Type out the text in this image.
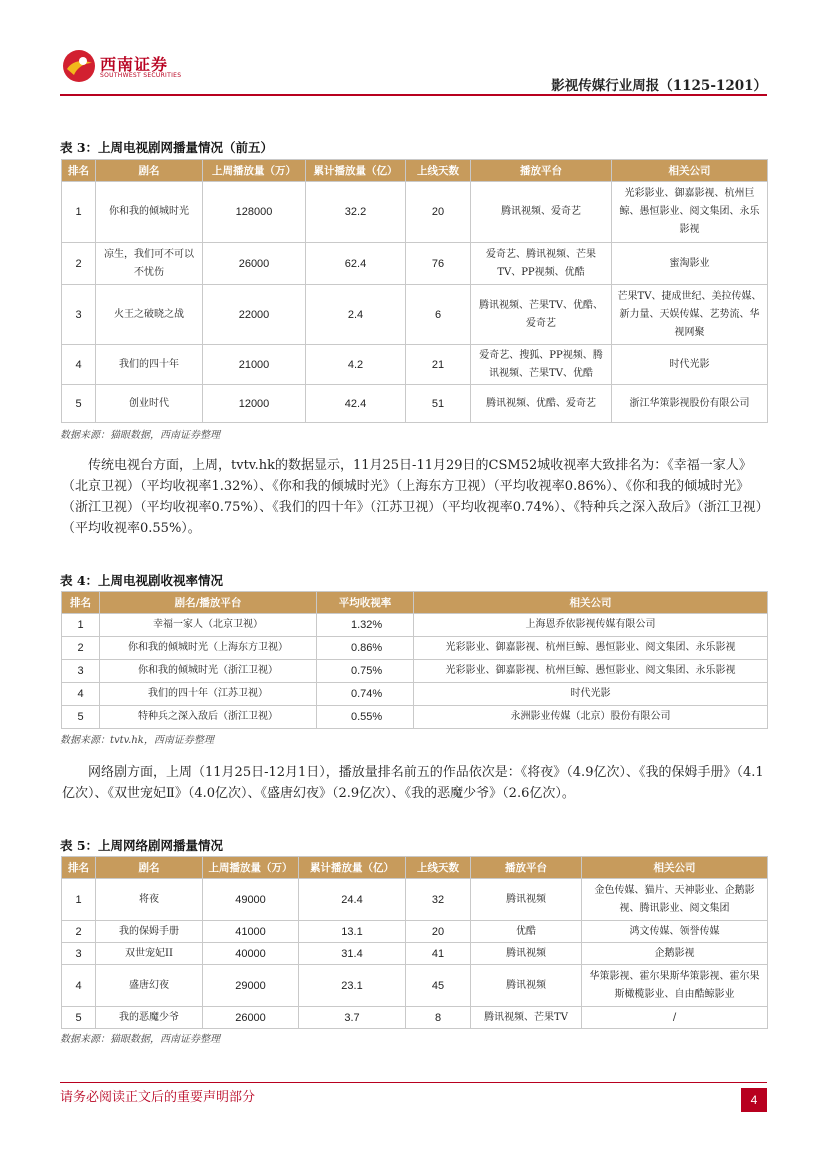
西南证券
SOUTHWEST SECURITIES
影视传媒行业周报（1125-1201）
表 3：上周电视剧网播量情况（前五）
排名	剧名	上周播放量（万）	累计播放量（亿）	上线天数	播放平台	相关公司
1	你和我的倾城时光	128000	32.2	20	腾讯视频、爱奇艺	光彩影业、御嘉影视、杭州巨鲸、愚恒影业、阅文集团、永乐影视
2	凉生，我们可不可以不忧伤	26000	62.4	76	爱奇艺、腾讯视频、芒果TV、PP视频、优酷	蜜淘影业
3	火王之破晓之战	22000	2.4	6	腾讯视频、芒果TV、优酷、爱奇艺	芒果TV、捷成世纪、美拉传媒、新力量、天娱传媒、艺势流、华视网聚
4	我们的四十年	21000	4.2	21	爱奇艺、搜狐、PP视频、腾讯视频、芒果TV、优酷	时代光影
5	创业时代	12000	42.4	51	腾讯视频、优酷、爱奇艺	浙江华策影视股份有限公司
数据来源：猫眼数据，西南证券整理

传统电视台方面，上周，tvtv.hk的数据显示，11月25日-11月29日的CSM52城收视率大致排名为：《幸福一家人》（北京卫视）（平均收视率1.32%）、《你和我的倾城时光》（上海东方卫视）（平均收视率0.86%）、《你和我的倾城时光》（浙江卫视）（平均收视率0.75%）、《我们的四十年》（江苏卫视）（平均收视率0.74%）、《特种兵之深入敌后》（浙江卫视）（平均收视率0.55%）。

表 4：上周电视剧收视率情况
排名	剧名/播放平台	平均收视率	相关公司
1	幸福一家人（北京卫视）	1.32%	上海恩乔依影视传媒有限公司
2	你和我的倾城时光（上海东方卫视）	0.86%	光彩影业、御嘉影视、杭州巨鲸、愚恒影业、阅文集团、永乐影视
3	你和我的倾城时光（浙江卫视）	0.75%	光彩影业、御嘉影视、杭州巨鲸、愚恒影业、阅文集团、永乐影视
4	我们的四十年（江苏卫视）	0.74%	时代光影
5	特种兵之深入敌后（浙江卫视）	0.55%	永洲影业传媒（北京）股份有限公司
数据来源：tvtv.hk，西南证券整理

网络剧方面，上周（11月25日-12月1日），播放量排名前五的作品依次是：《将夜》（4.9亿次）、《我的保姆手册》（4.1亿次）、《双世宠妃Ⅱ》（4.0亿次）、《盛唐幻夜》（2.9亿次）、《我的恶魔少爷》（2.6亿次）。

表 5：上周网络剧网播量情况
排名	剧名	上周播放量（万）	累计播放量（亿）	上线天数	播放平台	相关公司
1	将夜	49000	24.4	32	腾讯视频	金色传媒、猫片、天神影业、企鹅影视、腾讯影业、阅文集团
2	我的保姆手册	41000	13.1	20	优酷	鸿文传媒、领誉传媒
3	双世宠妃II	40000	31.4	41	腾讯视频	企鹅影视
4	盛唐幻夜	29000	23.1	45	腾讯视频	华策影视、霍尔果斯华策影视、霍尔果斯橄榄影业、自由酷鲸影业
5	我的恶魔少爷	26000	3.7	8	腾讯视频、芒果TV	/
数据来源：猫眼数据，西南证券整理
请务必阅读正文后的重要声明部分	4
